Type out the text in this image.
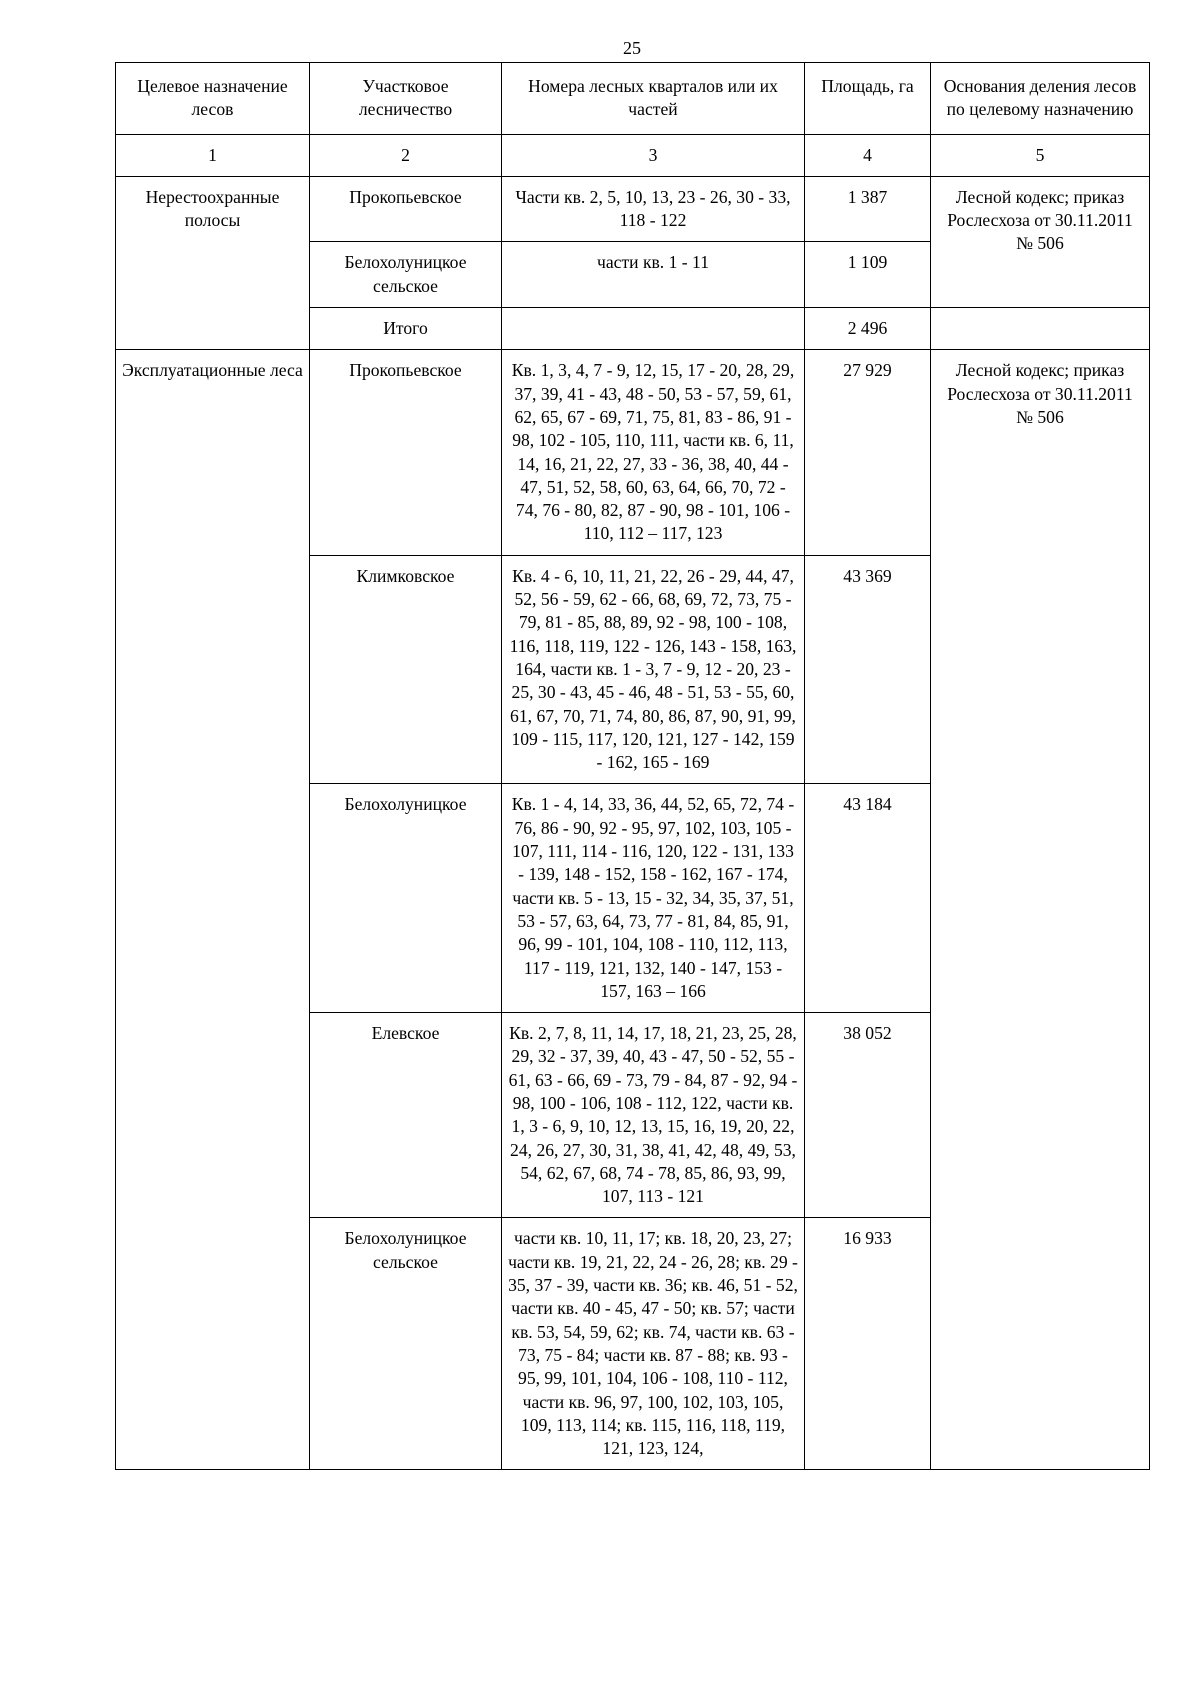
25
Целевое назначение лесов	Участковое лесничество	Номера лесных кварталов или их частей	Площадь, га	Основания деления лесов по целевому назначению
1	2	3	4	5
Нерестоохранные полосы	Прокопьевское	Части кв. 2, 5, 10, 13, 23 - 26, 30 - 33, 118 - 122	1 387	Лесной кодекс; приказ Рослесхоза от 30.11.2011 № 506
	Белохолуницкое сельское	части кв. 1 - 11	1 109	
	Итого		2 496	
Эксплуатационные леса	Прокопьевское	Кв. 1, 3, 4, 7 - 9, 12, 15, 17 - 20, 28, 29, 37, 39, 41 - 43, 48 - 50, 53 - 57, 59, 61, 62, 65, 67 - 69, 71, 75, 81, 83 - 86, 91 - 98, 102 - 105, 110, 111, части кв. 6, 11, 14, 16, 21, 22, 27, 33 - 36, 38, 40, 44 - 47, 51, 52, 58, 60, 63, 64, 66, 70, 72 - 74, 76 - 80, 82, 87 - 90, 98 - 101, 106 - 110, 112 – 117, 123	27 929	Лесной кодекс; приказ Рослесхоза от 30.11.2011 № 506
	Климковское	Кв. 4 - 6, 10, 11, 21, 22, 26 - 29, 44, 47, 52, 56 - 59, 62 - 66, 68, 69, 72, 73, 75 - 79, 81 - 85, 88, 89, 92 - 98, 100 - 108, 116, 118, 119, 122 - 126, 143 - 158, 163, 164, части кв. 1 - 3, 7 - 9, 12 - 20, 23 - 25, 30 - 43, 45 - 46, 48 - 51, 53 - 55, 60, 61, 67, 70, 71, 74, 80, 86, 87, 90, 91, 99, 109 - 115, 117, 120, 121, 127 - 142, 159 - 162, 165 - 169	43 369	
	Белохолуницкое	Кв. 1 - 4, 14, 33, 36, 44, 52, 65, 72, 74 - 76, 86 - 90, 92 - 95, 97, 102, 103, 105 - 107, 111, 114 - 116, 120, 122 - 131, 133 - 139, 148 - 152, 158 - 162, 167 - 174, части кв. 5 - 13, 15 - 32, 34, 35, 37, 51, 53 - 57, 63, 64, 73, 77 - 81, 84, 85, 91, 96, 99 - 101, 104, 108 - 110, 112, 113, 117 - 119, 121, 132, 140 - 147, 153 - 157, 163 – 166	43 184	
	Елевское	Кв. 2, 7, 8, 11, 14, 17, 18, 21, 23, 25, 28, 29, 32 - 37, 39, 40, 43 - 47, 50 - 52, 55 - 61, 63 - 66, 69 - 73, 79 - 84, 87 - 92, 94 - 98, 100 - 106, 108 - 112, 122, части кв. 1, 3 - 6, 9, 10, 12, 13, 15, 16, 19, 20, 22, 24, 26, 27, 30, 31, 38, 41, 42, 48, 49, 53, 54, 62, 67, 68, 74 - 78, 85, 86, 93, 99, 107, 113 - 121	38 052	
	Белохолуницкое сельское	части кв. 10, 11, 17; кв. 18, 20, 23, 27; части кв. 19, 21, 22, 24 - 26, 28; кв. 29 - 35, 37 - 39, части кв. 36; кв. 46, 51 - 52, части кв. 40 - 45, 47 - 50; кв. 57; части кв. 53, 54, 59, 62; кв. 74, части кв. 63 - 73, 75 - 84; части кв. 87 - 88; кв. 93 - 95, 99, 101, 104, 106 - 108, 110 - 112, части кв. 96, 97, 100, 102, 103, 105, 109, 113, 114; кв. 115, 116, 118, 119, 121, 123, 124,	16 933	
